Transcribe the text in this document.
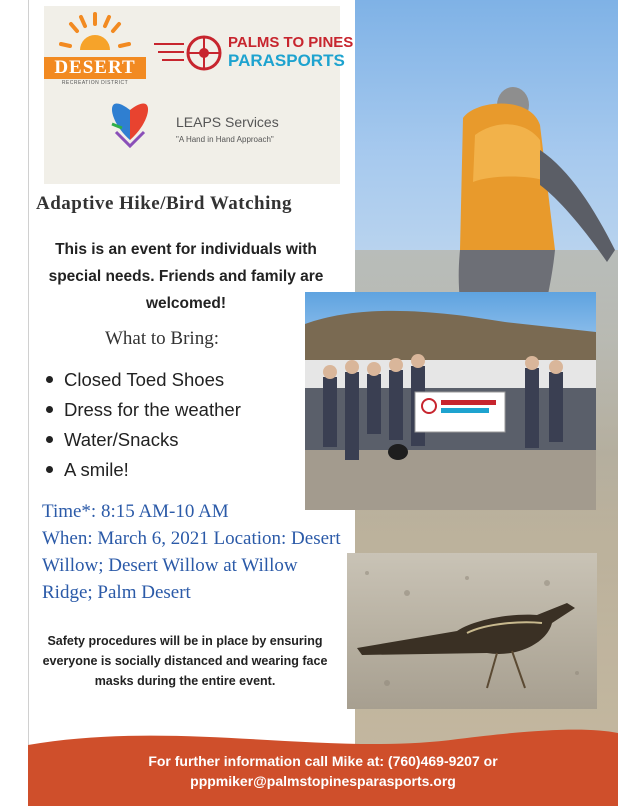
DESERT
RECREATION DISTRICT
PALMS TO PINES
PARASPORTS
LEAPS Services
"A Hand in Hand Approach"
Adaptive Hike/Bird Watching
This is an event for individuals with special needs. Friends and family are welcomed!
What to Bring:
Closed Toed Shoes
Dress for the weather
Water/Snacks
A smile!
Time*: 8:15 AM-10 AM
When: March 6, 2021 Location: Desert Willow; Desert Willow at Willow Ridge; Palm Desert
Safety procedures will be in place by ensuring everyone is socially distanced and wearing face masks during the entire event.
For further information call Mike at: (760)469-9207 or
pppmiker@palmstopinesparasports.org
